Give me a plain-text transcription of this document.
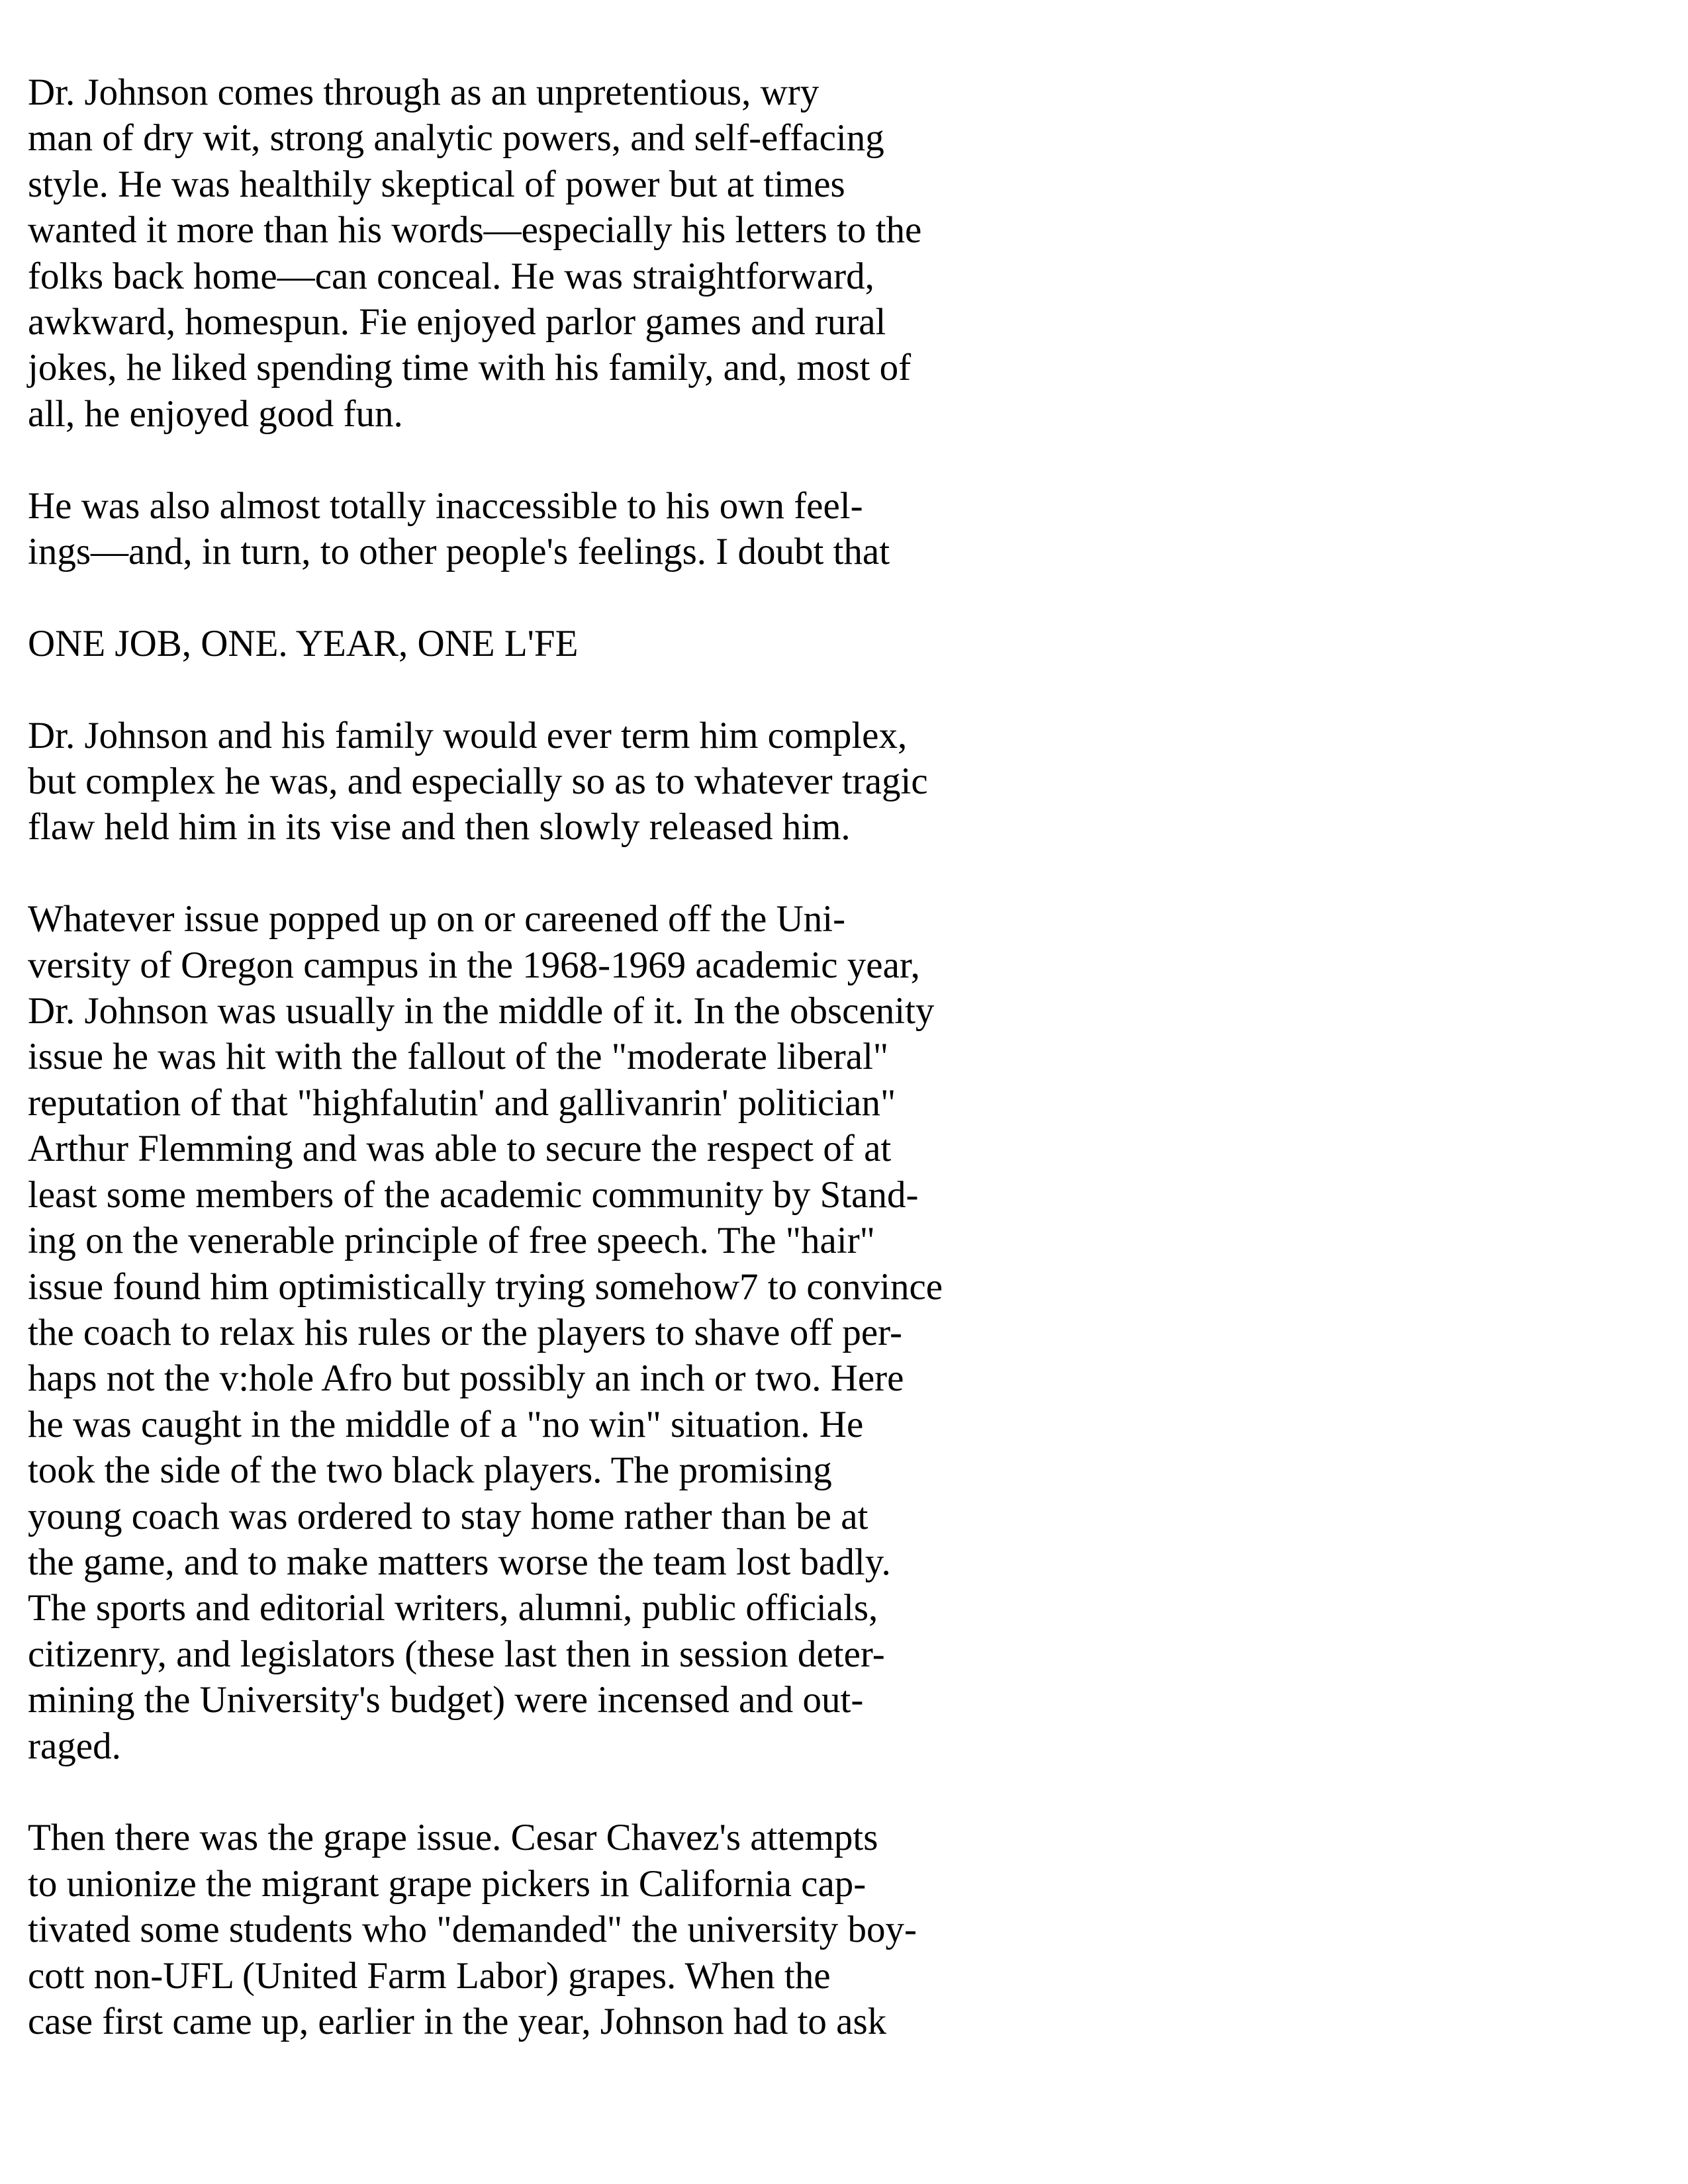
Dr. Johnson comes through as an unpretentious, wry
man of dry wit, strong analytic powers, and self-effacing
style. He was healthily skeptical of power but at times
wanted it more than his words—especially his letters to the
folks back home—can conceal. He was straightforward,
awkward, homespun. Fie enjoyed parlor games and rural
jokes, he liked spending time with his family, and, most of
all, he enjoyed good fun.
He was also almost totally inaccessible to his own feel-
ings—and, in turn, to other people's feelings. I doubt that
ONE JOB, ONE. YEAR, ONE L'FE
Dr. Johnson and his family would ever term him complex,
but complex he was, and especially so as to whatever tragic
flaw held him in its vise and then slowly released him.
Whatever issue popped up on or careened off the Uni-
versity of Oregon campus in the 1968-1969 academic year,
Dr. Johnson was usually in the middle of it. In the obscenity
issue he was hit with the fallout of the "moderate liberal"
reputation of that "highfalutin' and gallivanrin' politician"
Arthur Flemming and was able to secure the respect of at
least some members of the academic community by Stand-
ing on the venerable principle of free speech. The "hair"
issue found him optimistically trying somehow7 to convince
the coach to relax his rules or the players to shave off per-
haps not the v:hole Afro but possibly an inch or two. Here
he was caught in the middle of a "no win" situation. He
took the side of the two black players. The promising
young coach was ordered to stay home rather than be at
the game, and to make matters worse the team lost badly.
The sports and editorial writers, alumni, public officials,
citizenry, and legislators (these last then in session deter-
mining the University's budget) were incensed and out-
raged.
Then there was the grape issue. Cesar Chavez's attempts
to unionize the migrant grape pickers in California cap-
tivated some students who "demanded" the university boy-
cott non-UFL (United Farm Labor) grapes. When the
case first came up, earlier in the year, Johnson had to ask
